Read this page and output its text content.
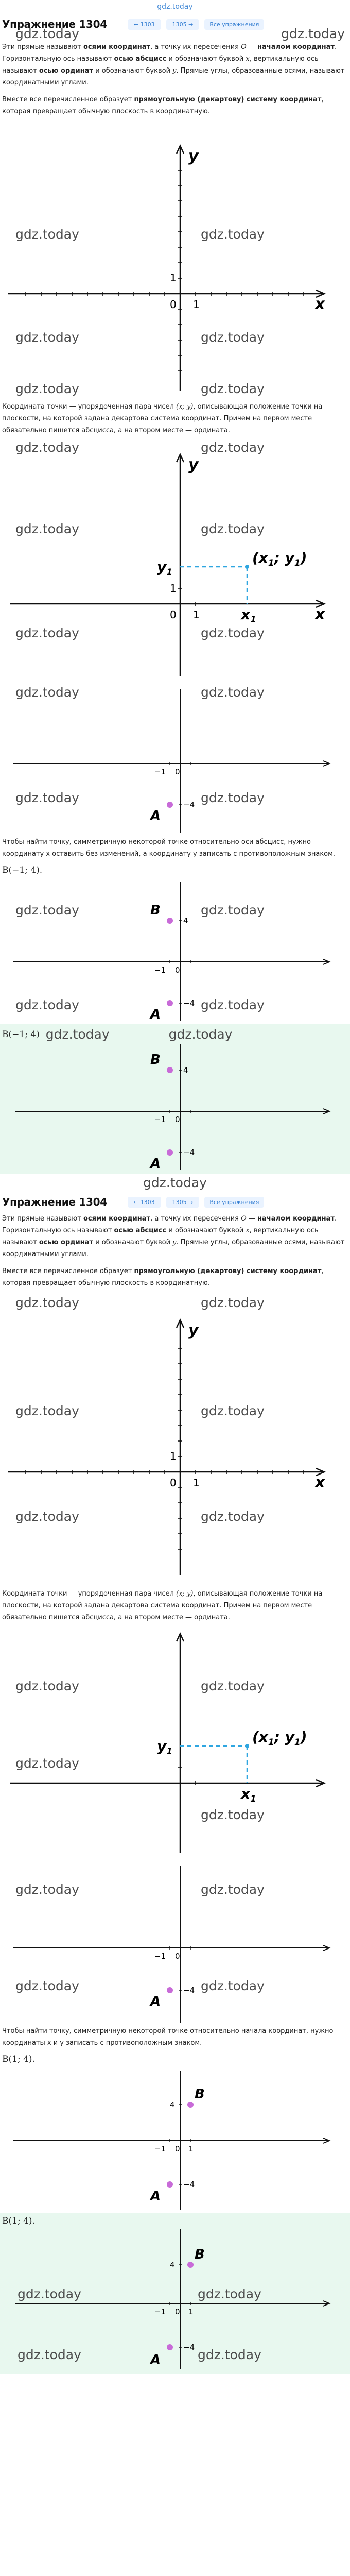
gdz.today
Упражнение 1304	← 1303	1305 →	Все упражнения
gdz.today	gdz.today

Эти прямые называют осями координат, а точку их пересечения O — началом координат. Горизонтальную ось называют осью абсцисс и обозначают буквой x, вертикальную ось называют осью ординат и обозначают буквой y. Прямые углы, образованные осями, называют координатными углами.

Вместе все перечисленное образует прямоугольную (декартову) систему координат, которая превращает обычную плоскость в координатную.

x
y
0 1
1
gdz.today	gdz.today
gdz.today	gdz.today
gdz.today	gdz.today

Координата точки — упорядоченная пара чисел (x; y), описывающая положение точки на плоскости, на которой задана декартова система координат. Причем на первом месте обязательно пишется абсцисса, а на втором месте — ордината.

x
y
0 1
1
$y_1$
$x_1$
($x_1$; $y_1$)
gdz.today	gdz.today
gdz.today	gdz.today
gdz.today	gdz.today
−1 0
−4
A
gdz.today	gdz.today
gdz.today	gdz.today

Чтобы найти точку, симметричную некоторой точке относительно оси абсцисс, нужно координату x оставить без изменений, а координату y записать с противоположным знаком.

B(−1; 4).
−1 0
4
−4
B
A
gdz.today	gdz.today
gdz.today	gdz.today
B(−1; 4) gdz.today	gdz.today
−1 0
4
−4
B
A
gdz.today
Упражнение 1304	← 1303	1305 →	Все упражнения

Эти прямые называют осями координат, а точку их пересечения O — началом координат. Горизонтальную ось называют осью абсцисс и обозначают буквой x, вертикальную ось называют осью ординат и обозначают буквой y. Прямые углы, образованные осями, называют координатными углами.

Вместе все перечисленное образует прямоугольную (декартову) систему координат, которая превращает обычную плоскость в координатную.

x
y
0 1
1
gdz.today	gdz.today
gdz.today	gdz.today
gdz.today	gdz.today

Координата точки — упорядоченная пара чисел (x; y), описывающая положение точки на плоскости, на которой задана декартова система координат. Причем на первом месте обязательно пишется абсцисса, а на втором месте — ордината.

$y_1$
$x_1$
($x_1$; $y_1$)
gdz.today	gdz.today
gdz.today
gdz.today
−1 0
−4
A
gdz.today	gdz.today
gdz.today	gdz.today

Чтобы найти точку, симметричную некоторой точке относительно начала координат, нужно координаты x и y записать с противоположным знаком.

B(1; 4).
−1 0 1
4
−4
B
A
B(1; 4).
−1 0 1
4
−4
B
A
gdz.today	gdz.today
gdz.today	gdz.today
